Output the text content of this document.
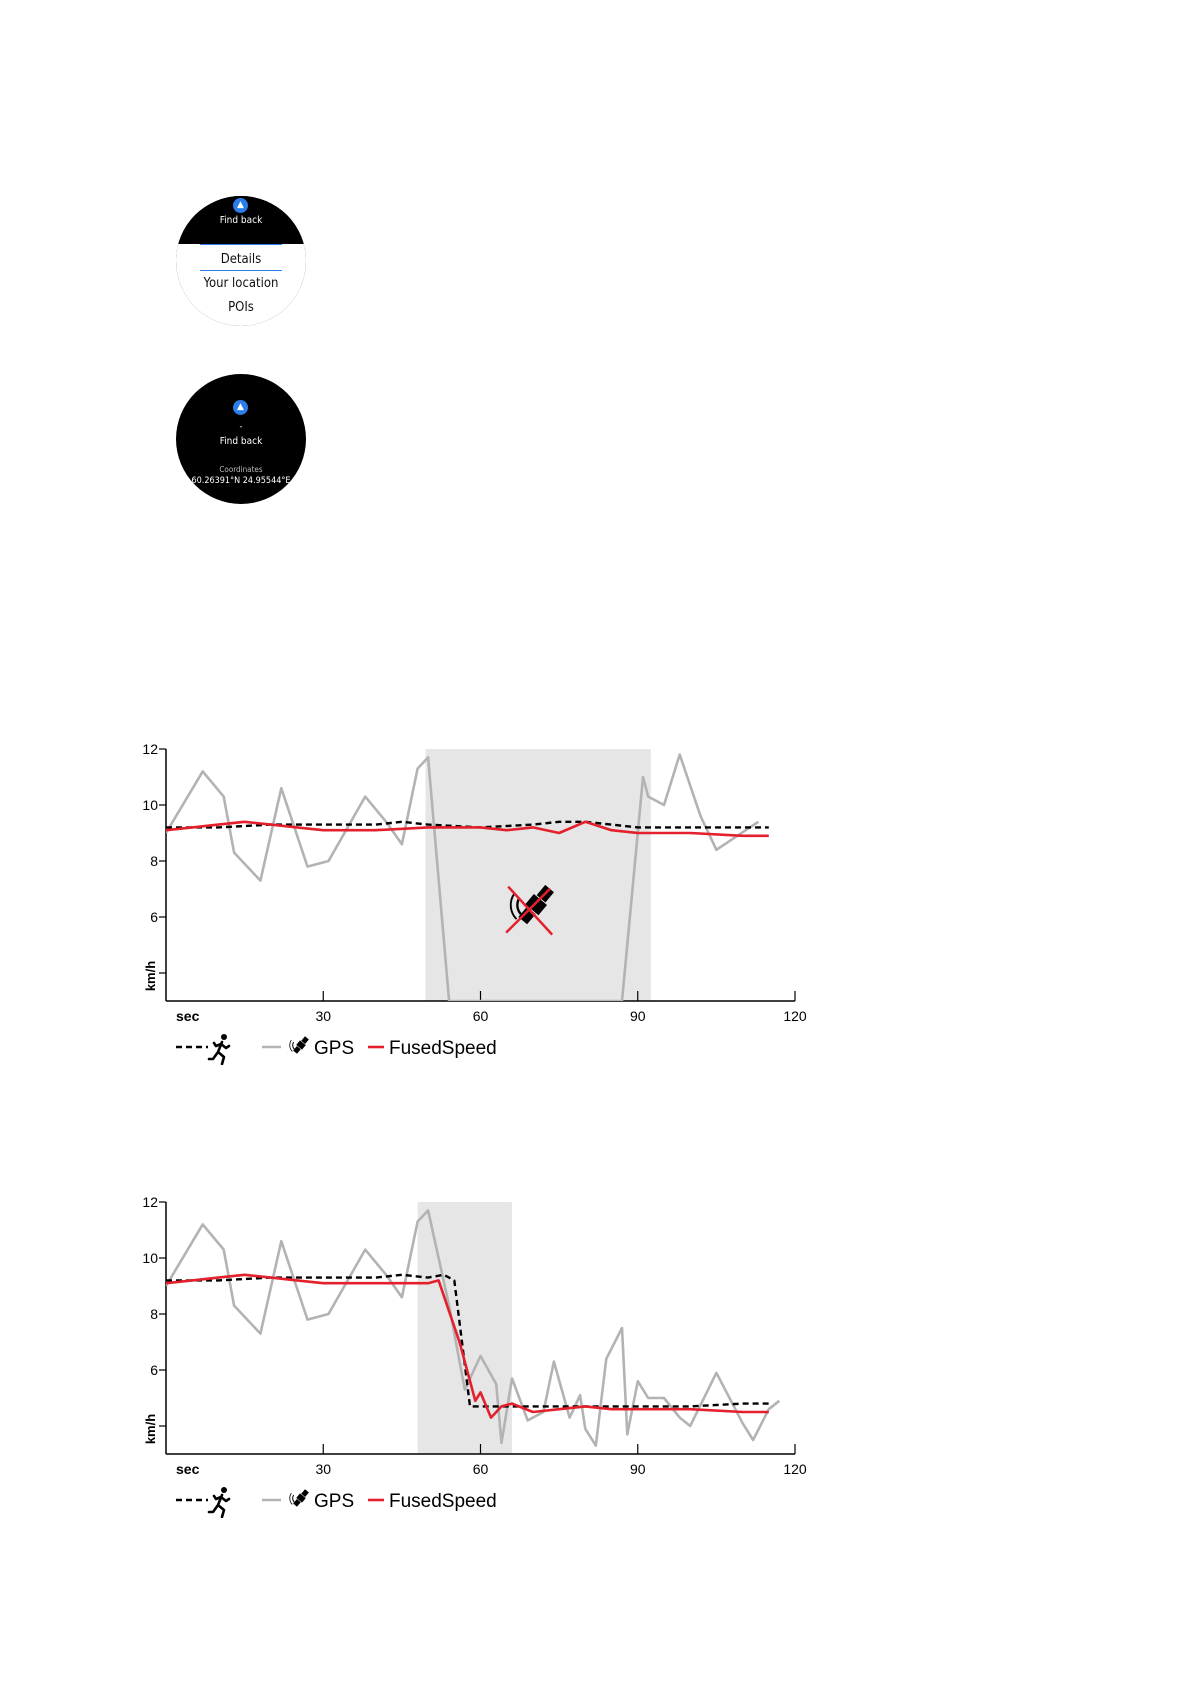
▲
Find back
Details
Your location
POIs
▲
-
Find back
Coordinates
60.26391°N 24.95544°E
6
8
10
12
30	60	90	120
sec
km/h
GPS FusedSpeed
6
8
10
12
30	60	90	120
sec
km/h
GPS FusedSpeed
